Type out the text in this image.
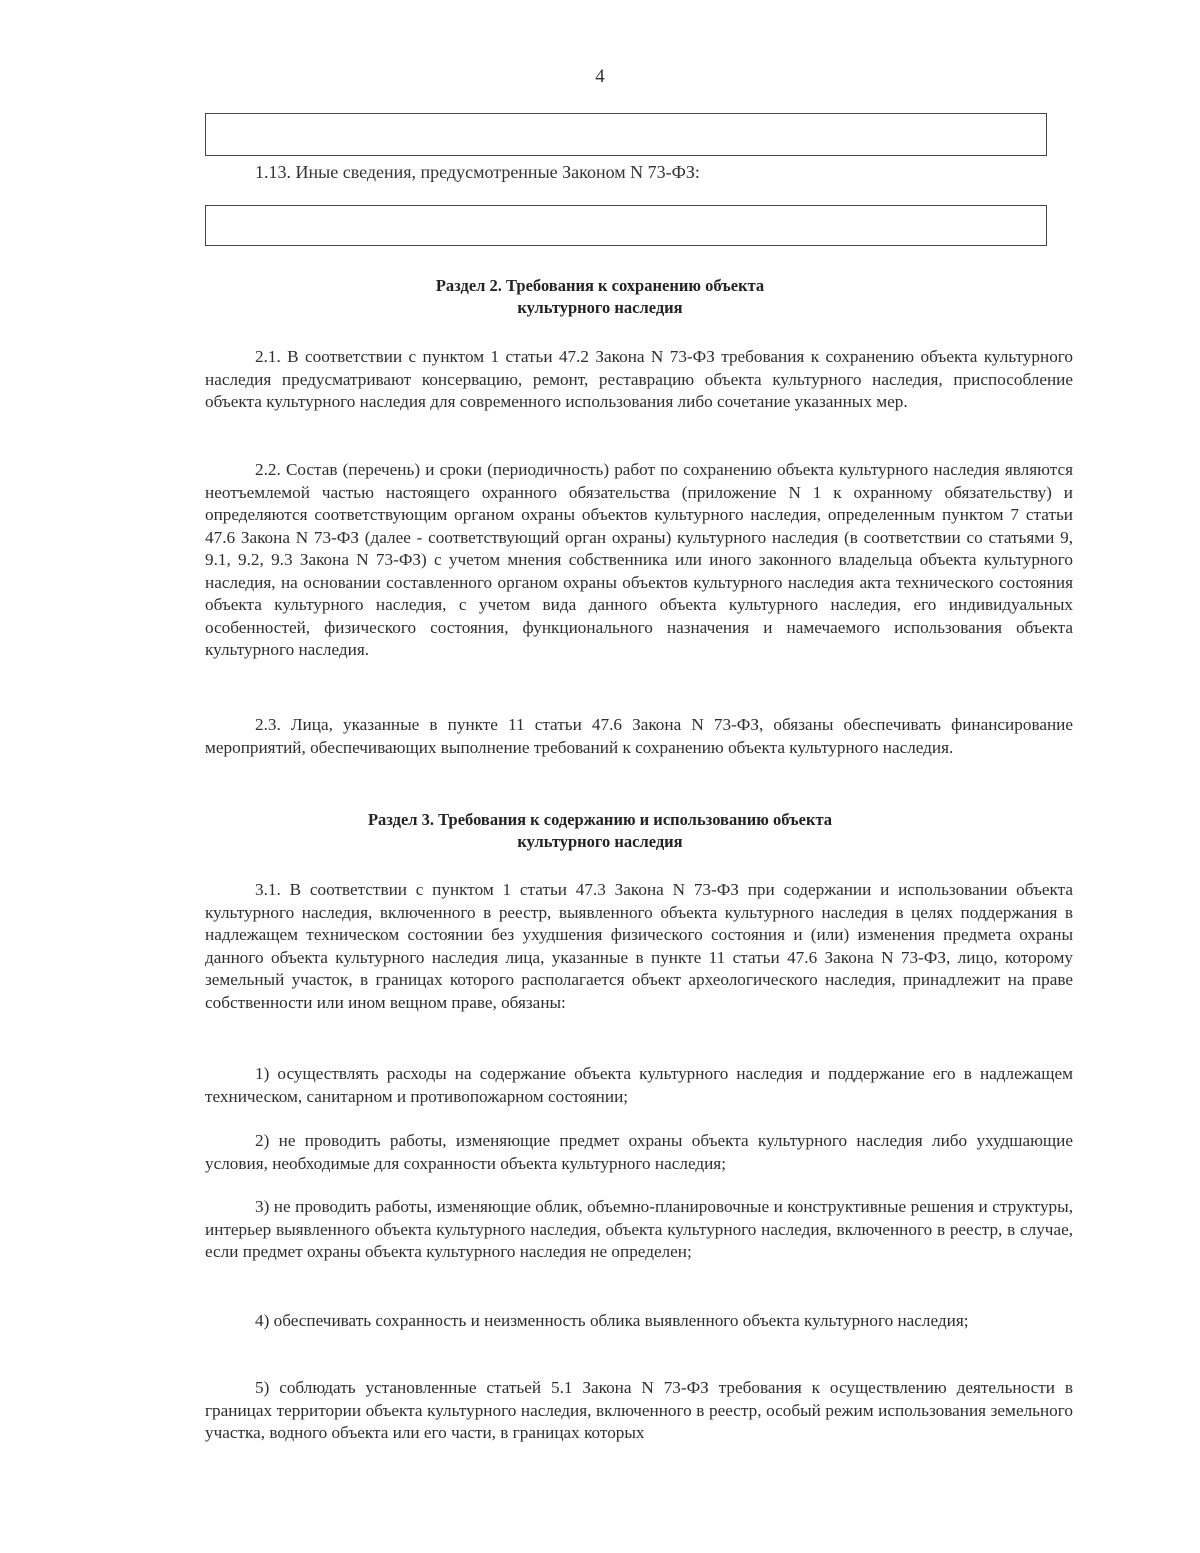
4
1.13. Иные сведения, предусмотренные Законом N 73-ФЗ:
Раздел 2. Требования к сохранению объекта
культурного наследия

2.1. В соответствии с пунктом 1 статьи 47.2 Закона N 73-ФЗ требования к сохранению объекта культурного наследия предусматривают консервацию, ремонт, реставрацию объекта культурного наследия, приспособление объекта культурного наследия для современного использования либо сочетание указанных мер.

2.2. Состав (перечень) и сроки (периодичность) работ по сохранению объекта культурного наследия являются неотъемлемой частью настоящего охранного обязательства (приложение N 1 к охранному обязательству) и определяются соответствующим органом охраны объектов культурного наследия, определенным пунктом 7 статьи 47.6 Закона N 73-ФЗ (далее - соответствующий орган охраны) культурного наследия (в соответствии со статьями 9, 9.1, 9.2, 9.3 Закона N 73-ФЗ) с учетом мнения собственника или иного законного владельца объекта культурного наследия, на основании составленного органом охраны объектов культурного наследия акта технического состояния объекта культурного наследия, с учетом вида данного объекта культурного наследия, его индивидуальных особенностей, физического состояния, функционального назначения и намечаемого использования объекта культурного наследия.

2.3. Лица, указанные в пункте 11 статьи 47.6 Закона N 73-ФЗ, обязаны обеспечивать финансирование мероприятий, обеспечивающих выполнение требований к сохранению объекта культурного наследия.

Раздел 3. Требования к содержанию и использованию объекта
культурного наследия

3.1. В соответствии с пунктом 1 статьи 47.3 Закона N 73-ФЗ при содержании и использовании объекта культурного наследия, включенного в реестр, выявленного объекта культурного наследия в целях поддержания в надлежащем техническом состоянии без ухудшения физического состояния и (или) изменения предмета охраны данного объекта культурного наследия лица, указанные в пункте 11 статьи 47.6 Закона N 73-ФЗ, лицо, которому земельный участок, в границах которого располагается объект археологического наследия, принадлежит на праве собственности или ином вещном праве, обязаны:

1) осуществлять расходы на содержание объекта культурного наследия и поддержание его в надлежащем техническом, санитарном и противопожарном состоянии;

2) не проводить работы, изменяющие предмет охраны объекта культурного наследия либо ухудшающие условия, необходимые для сохранности объекта культурного наследия;

3) не проводить работы, изменяющие облик, объемно-планировочные и конструктивные решения и структуры, интерьер выявленного объекта культурного наследия, объекта культурного наследия, включенного в реестр, в случае, если предмет охраны объекта культурного наследия не определен;

4) обеспечивать сохранность и неизменность облика выявленного объекта культурного наследия;

5) соблюдать установленные статьей 5.1 Закона N 73-ФЗ требования к осуществлению деятельности в границах территории объекта культурного наследия, включенного в реестр, особый режим использования земельного участка, водного объекта или его части, в границах которых
